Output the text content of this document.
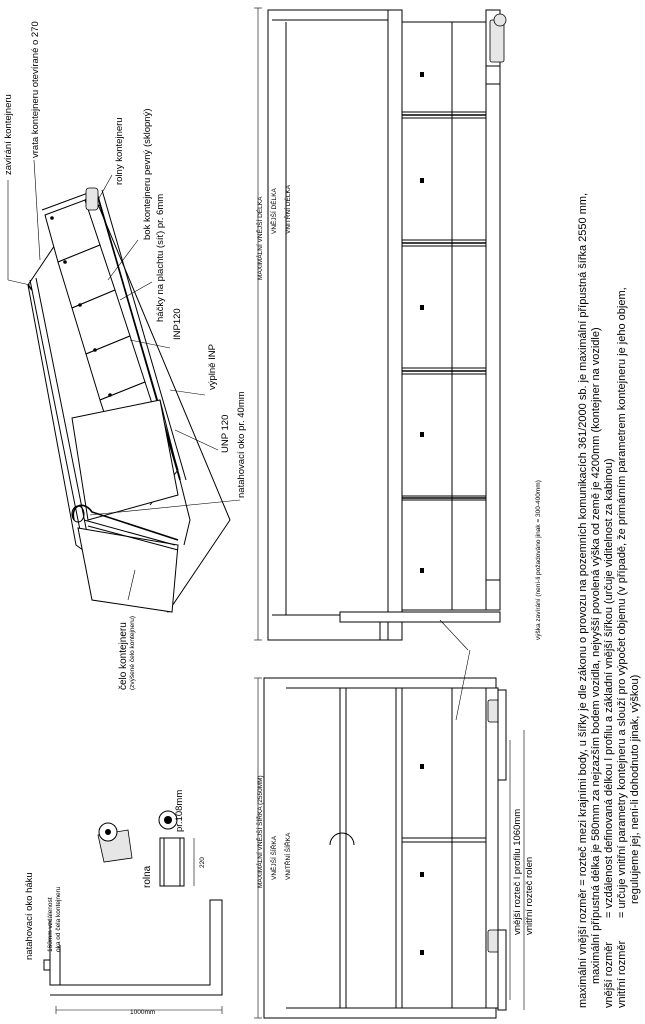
zavírání kontejneru vrata kontejneru otevírané o 270	rolny kontejneru bok kontejneru pevný (sklopný)
háčky na plachtu (síť) pr. 6mm
INP120
výplně INP
UNP 120 natahovací oko pr. 40mm
čelo kontejneru (zvýšené čelo kontejneru)
MAXIMÁLNÍ VNĚJŠÍ DÉLKA	VNĚJŠÍ DÉLKA	VNITŘNÍ DÉLKA
výška zavírání (není-li požadováno jinak = 300-400mm)
MAXIMÁLNÍ VNĚJŠÍ ŠÍŘKA (2550MM)	VNĚJŠÍ ŠÍŘKA	VNITŘNÍ ŠÍŘKA	vnější rozteč l profilu 1060mm vnitřní rozteč rolen
natahovací oko háku 160mm vzdálenost oka od čela kontejneru
1000mm
rolna
pr.108mm
220	maximální vnější rozměr = rozteč mezi krajními body, u šířky je dle zákonu o provozu na pozemních komunikacích 361/2000 sb. je maximální přípustná šířka 2550 mm, maximální přípustná délka je 580mm za nejzazším bodem vozidla, nejvyšší povolená výška od země je 4200mm (kontejner na vozidle) vnější rozměr
= vzdálenost definovaná délkou l profilu a základní vnější šířkou (určuje viditelnost za kabinou)
vnitřní rozměr
= určuje vnitřní parametry kontejneru a slouží pro výpočet objemu (v případě, že primárním parametrem kontejneru je jeho objem, regulujeme jej, není-li dohodnuto jinak, výškou)
